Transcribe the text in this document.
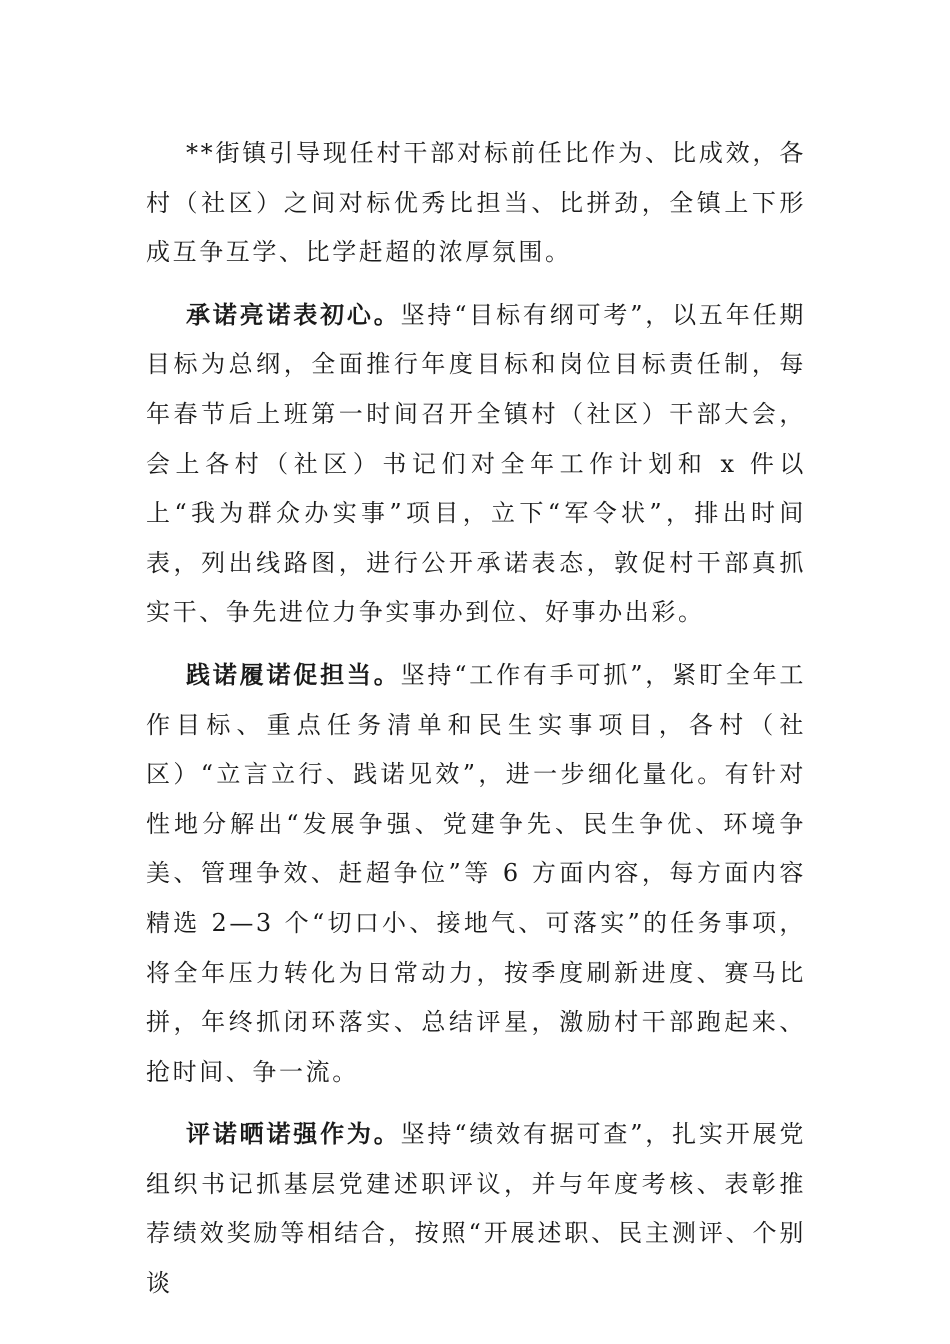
**街镇引导现任村干部对标前任比作为、比成效，各村（社区）之间对标优秀比担当、比拼劲，全镇上下形成互争互学、比学赶超的浓厚氛围。

承诺亮诺表初心。坚持“目标有纲可考”，以五年任期目标为总纲，全面推行年度目标和岗位目标责任制，每年春节后上班第一时间召开全镇村（社区）干部大会，会上各村（社区）书记们对全年工作计划和 x 件以上“我为群众办实事”项目，立下“军令状”，排出时间表，列出线路图，进行公开承诺表态，敦促村干部真抓实干、争先进位力争实事办到位、好事办出彩。

践诺履诺促担当。坚持“工作有手可抓”，紧盯全年工作目标、重点任务清单和民生实事项目，各村（社区）“立言立行、践诺见效”，进一步细化量化。有针对性地分解出“发展争强、党建争先、民生争优、环境争美、管理争效、赶超争位”等 6 方面内容，每方面内容精选 2—3 个“切口小、接地气、可落实”的任务事项，将全年压力转化为日常动力，按季度刷新进度、赛马比拼，年终抓闭环落实、总结评星，激励村干部跑起来、抢时间、争一流。

评诺晒诺强作为。坚持“绩效有据可查”，扎实开展党组织书记抓基层党建述职评议，并与年度考核、表彰推荐绩效奖励等相结合，按照“开展述职、民主测评、个别谈
